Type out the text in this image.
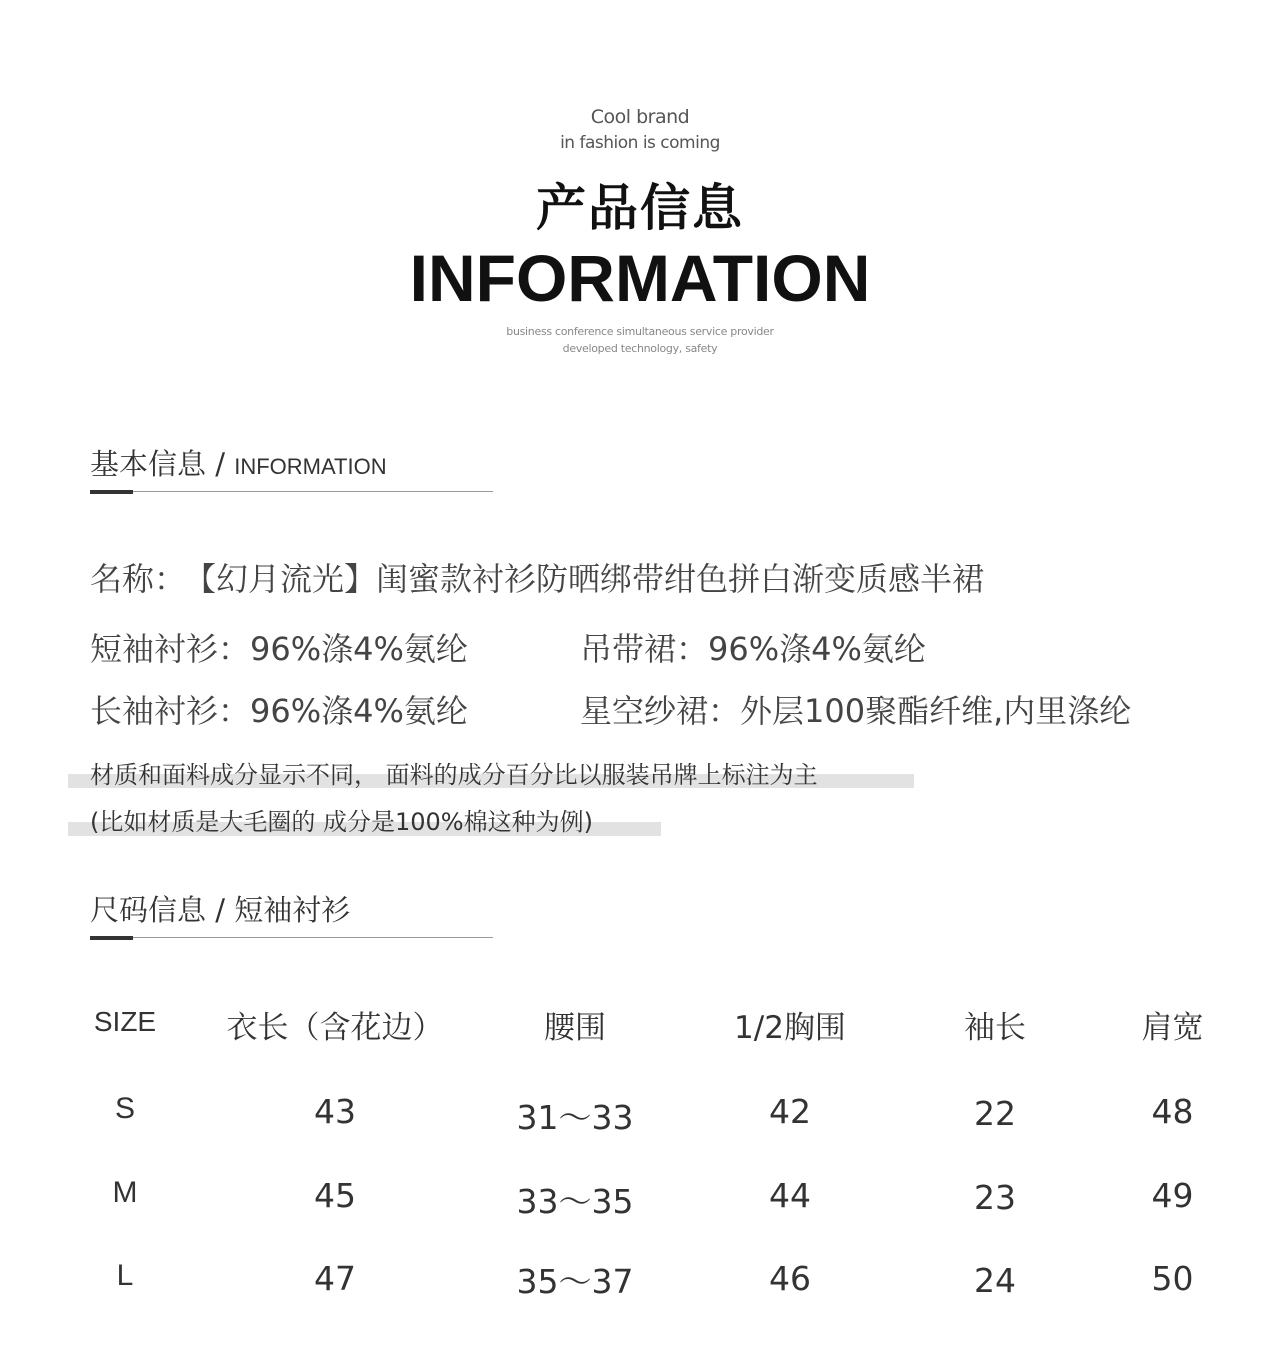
Cool brand
in fashion is coming
产品信息
INFORMATION
business conference simultaneous service provider
developed technology, safety
基本信息 / INFORMATION
名称： 【幻月流光】闺蜜款衬衫防晒绑带绀色拼白渐变质感半裙
短袖衬衫：96%涤4%氨纶	吊带裙：96%涤4%氨纶
长袖衬衫：96%涤4%氨纶	星空纱裙：外层100聚酯纤维,内里涤纶
材质和面料成分显示不同， 面料的成分百分比以服装吊牌上标注为主
(比如材质是大毛圈的 成分是100%棉这种为例)
尺码信息 / 短袖衬衫
SIZE	衣长（含花边）	腰围	1/2胸围	袖长	肩宽
S	43	31～33	42	22	48
M	45	33～35	44	23	49
L	47	35～37	46	24	50
